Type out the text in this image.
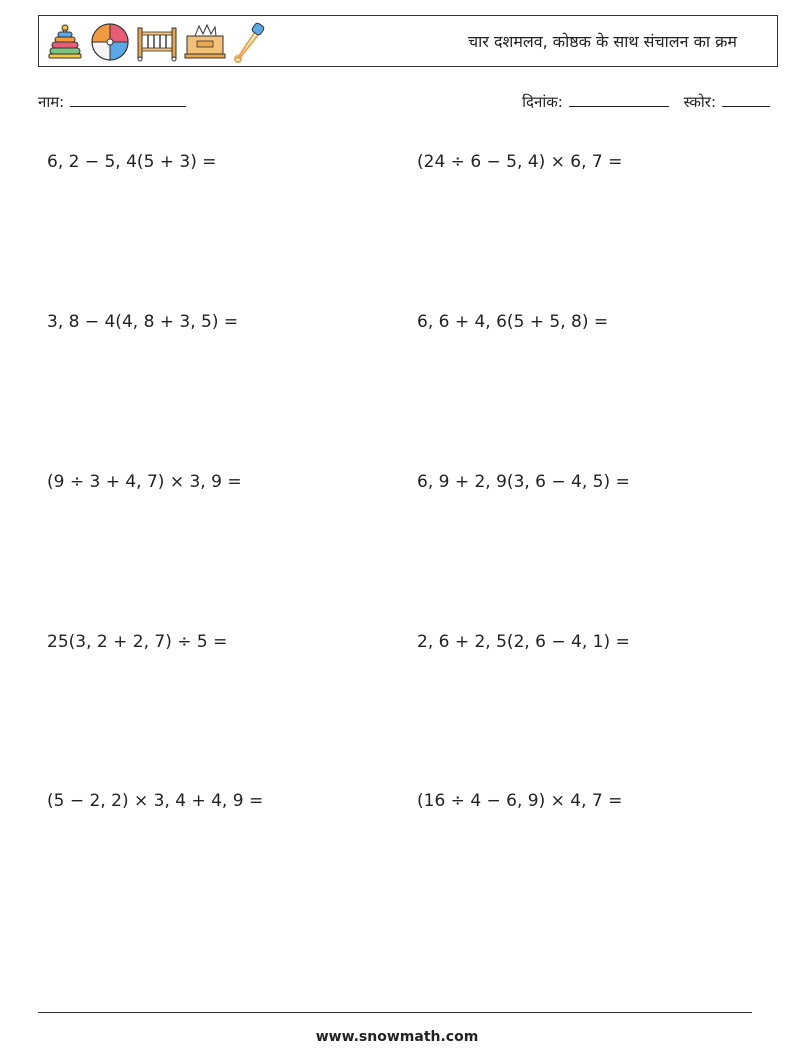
चार दशमलव, कोष्ठक के साथ संचालन का क्रम
नाम:	दिनांक:	स्कोर:
6, 2 − 5, 4(5 + 3) =	(24 ÷ 6 − 5, 4) × 6, 7 =
3, 8 − 4(4, 8 + 3, 5) =	6, 6 + 4, 6(5 + 5, 8) =
(9 ÷ 3 + 4, 7) × 3, 9 =	6, 9 + 2, 9(3, 6 − 4, 5) =
25(3, 2 + 2, 7) ÷ 5 =	2, 6 + 2, 5(2, 6 − 4, 1) =
(5 − 2, 2) × 3, 4 + 4, 9 =	(16 ÷ 4 − 6, 9) × 4, 7 =
www.snowmath.com
